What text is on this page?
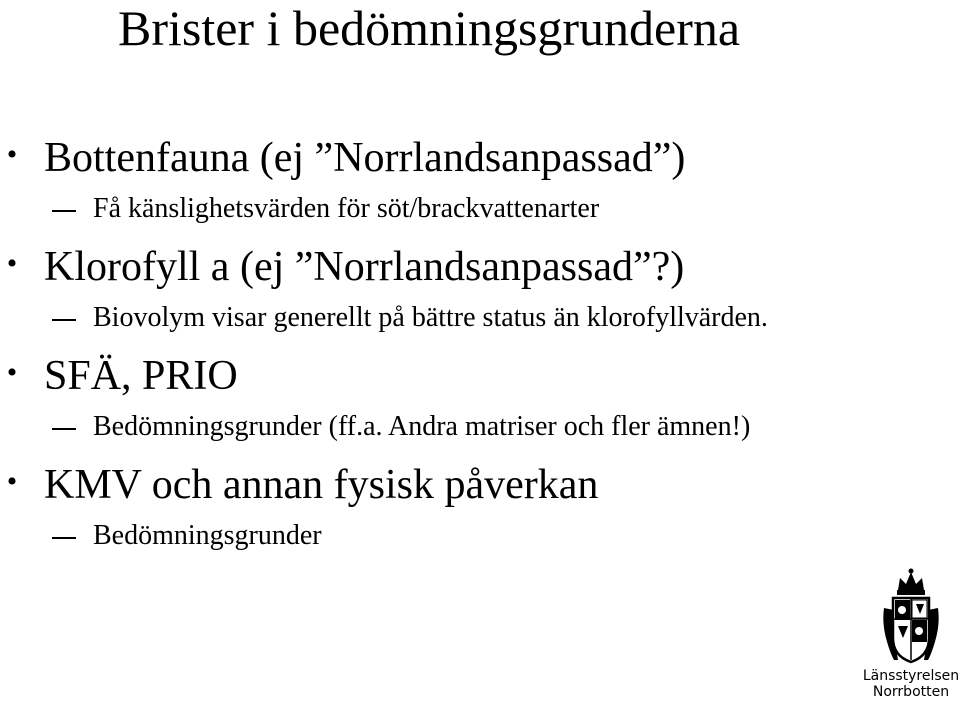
Brister i bedömningsgrunderna
• Bottenfauna (ej ”Norrlandsanpassad”)
Få känslighetsvärden för söt/brackvattenarter
• Klorofyll a (ej ”Norrlandsanpassad”?)
Biovolym visar generellt på bättre status än klorofyllvärden.
• SFÄ, PRIO
Bedömningsgrunder (ff.a. Andra matriser och fler ämnen!)
• KMV och annan fysisk påverkan
Bedömningsgrunder
Länsstyrelsen
Norrbotten
